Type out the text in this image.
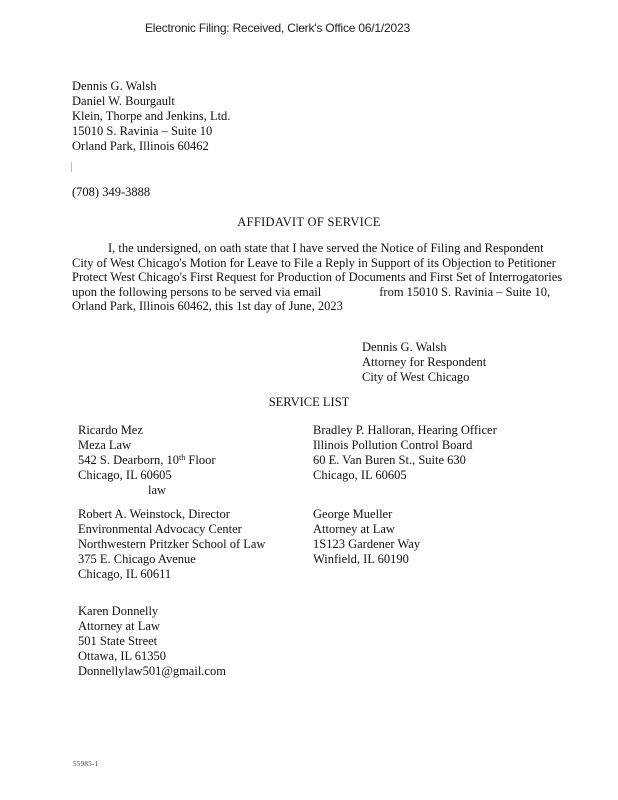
Electronic Filing: Received, Clerk's Office 06/1/2023
Dennis G. Walsh
Daniel W. Bourgault
Klein, Thorpe and Jenkins, Ltd.
15010 S. Ravinia – Suite 10
Orland Park, Illinois 60462
(708) 349-3888
AFFIDAVIT OF SERVICE
I, the undersigned, on oath state that I have served the Notice of Filing and Respondent
City of West Chicago's Motion for Leave to File a Reply in Support of its Objection to Petitioner
Protect West Chicago's First Request for Production of Documents and First Set of Interrogatories
upon the following persons to be served via email	from 15010 S. Ravinia – Suite 10,
Orland Park, Illinois 60462, this 1st day of June, 2023
Dennis G. Walsh
Attorney for Respondent
City of West Chicago
SERVICE LIST
Ricardo Mez
Meza Law
542 S. Dearborn, 10th Floor
Chicago, IL 60605
law
Bradley P. Halloran, Hearing Officer
Illinois Pollution Control Board
60 E. Van Buren St., Suite 630
Chicago, IL 60605
Robert A. Weinstock, Director
Environmental Advocacy Center
Northwestern Pritzker School of Law
375 E. Chicago Avenue
Chicago, IL 60611
George Mueller
Attorney at Law
1S123 Gardener Way
Winfield, IL 60190
Karen Donnelly
Attorney at Law
501 State Street
Ottawa, IL 61350
Donnellylaw501@gmail.com
55985-1
